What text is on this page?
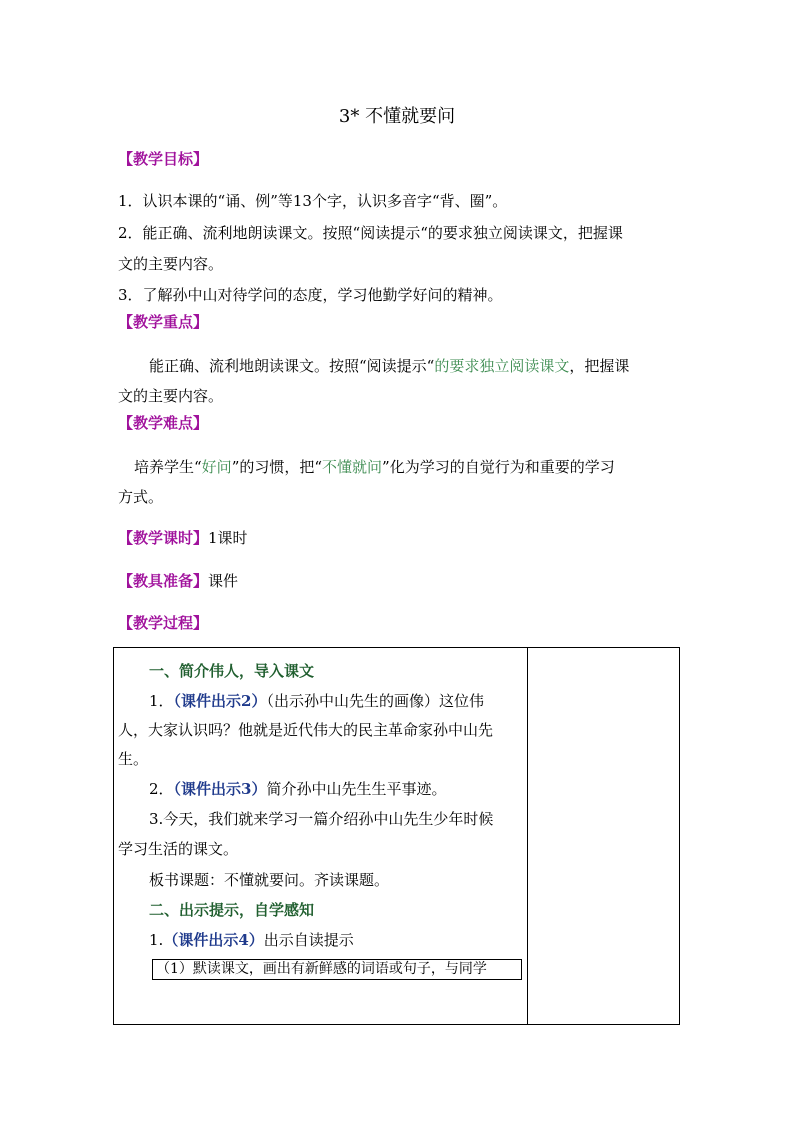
3* 不懂就要问
【教学目标】
1．认识本课的“诵、例”等13个字，认识多音字“背、圈”。
2．能正确、流利地朗读课文。按照“阅读提示“的要求独立阅读课文，把握课
文的主要内容。
3．了解孙中山对待学问的态度，学习他勤学好问的精神。
【教学重点】
能正确、流利地朗读课文。按照“阅读提示“的要求独立阅读课文，把握课
文的主要内容。
【教学难点】
培养学生“好问”的习惯，把“不懂就问”化为学习的自觉行为和重要的学习
方式。
【教学课时】1课时
【教具准备】课件
【教学过程】
一、简介伟人，导入课文
1．（课件出示2）（出示孙中山先生的画像）这位伟
人，大家认识吗？他就是近代伟大的民主革命家孙中山先
生。
2．（课件出示3）简介孙中山先生生平事迹。
3.今天，我们就来学习一篇介绍孙中山先生少年时候
学习生活的课文。
板书课题：不懂就要问。齐读课题。
二、出示提示，自学感知
1.（课件出示4）出示自读提示
（1）默读课文，画出有新鲜感的词语或句子，与同学
